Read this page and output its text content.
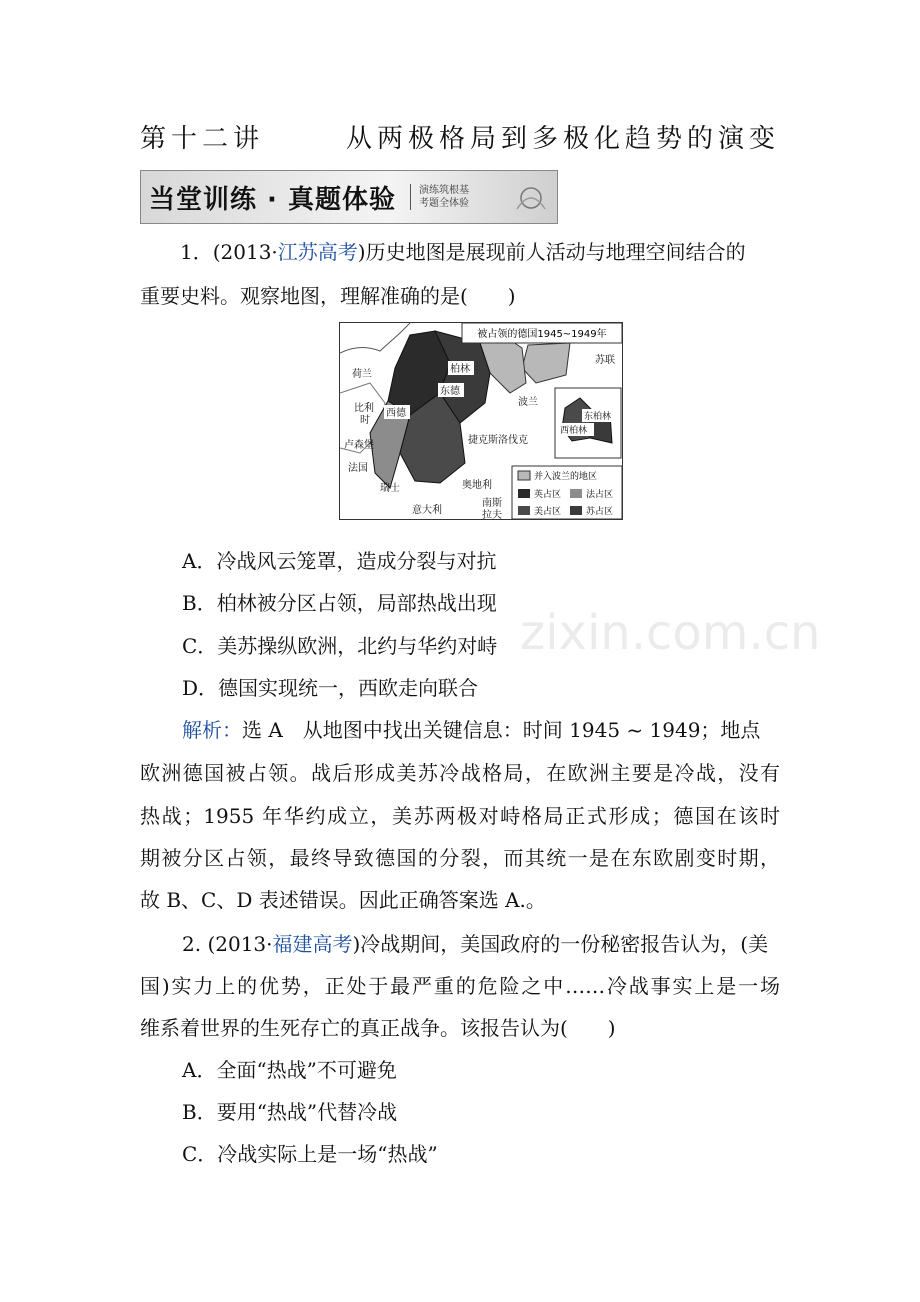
第十二讲	从两极格局到多极化趋势的演变
当堂训练 · 真题体验	演练筑根基
考题全体验

1．(2013·江苏高考)历史地图是展现前人活动与地理空间结合的

重要史料。观察地图，理解准确的是(　　)

被占领的德国1945~1949年
苏联
荷兰
比利
时
卢森堡
法国
波兰
捷克斯洛伐克
奥地利
瑞士
意大利
南斯
拉夫
柏林
东德
西德	东柏林
西柏林
并入波兰的地区
英占区	法占区
美占区	苏占区

A．冷战风云笼罩，造成分裂与对抗

B．柏林被分区占领，局部热战出现

C．美苏操纵欧洲，北约与华约对峙

D．德国实现统一，西欧走向联合

解析：选 A　从地图中找出关键信息：时间 1945 ~ 1949；地点

欧洲德国被占领。战后形成美苏冷战格局，在欧洲主要是冷战，没有

热战；1955 年华约成立，美苏两极对峙格局正式形成；德国在该时

期被分区占领，最终导致德国的分裂，而其统一是在东欧剧变时期，

故 B、C、D 表述错误。因此正确答案选 A.。

2. (2013·福建高考)冷战期间，美国政府的一份秘密报告认为，(美

国)实力上的优势，正处于最严重的危险之中……冷战事实上是一场

维系着世界的生死存亡的真正战争。该报告认为(　　)

A．全面“热战”不可避免

B．要用“热战”代替冷战

C．冷战实际上是一场“热战”

zixin.com.cn
